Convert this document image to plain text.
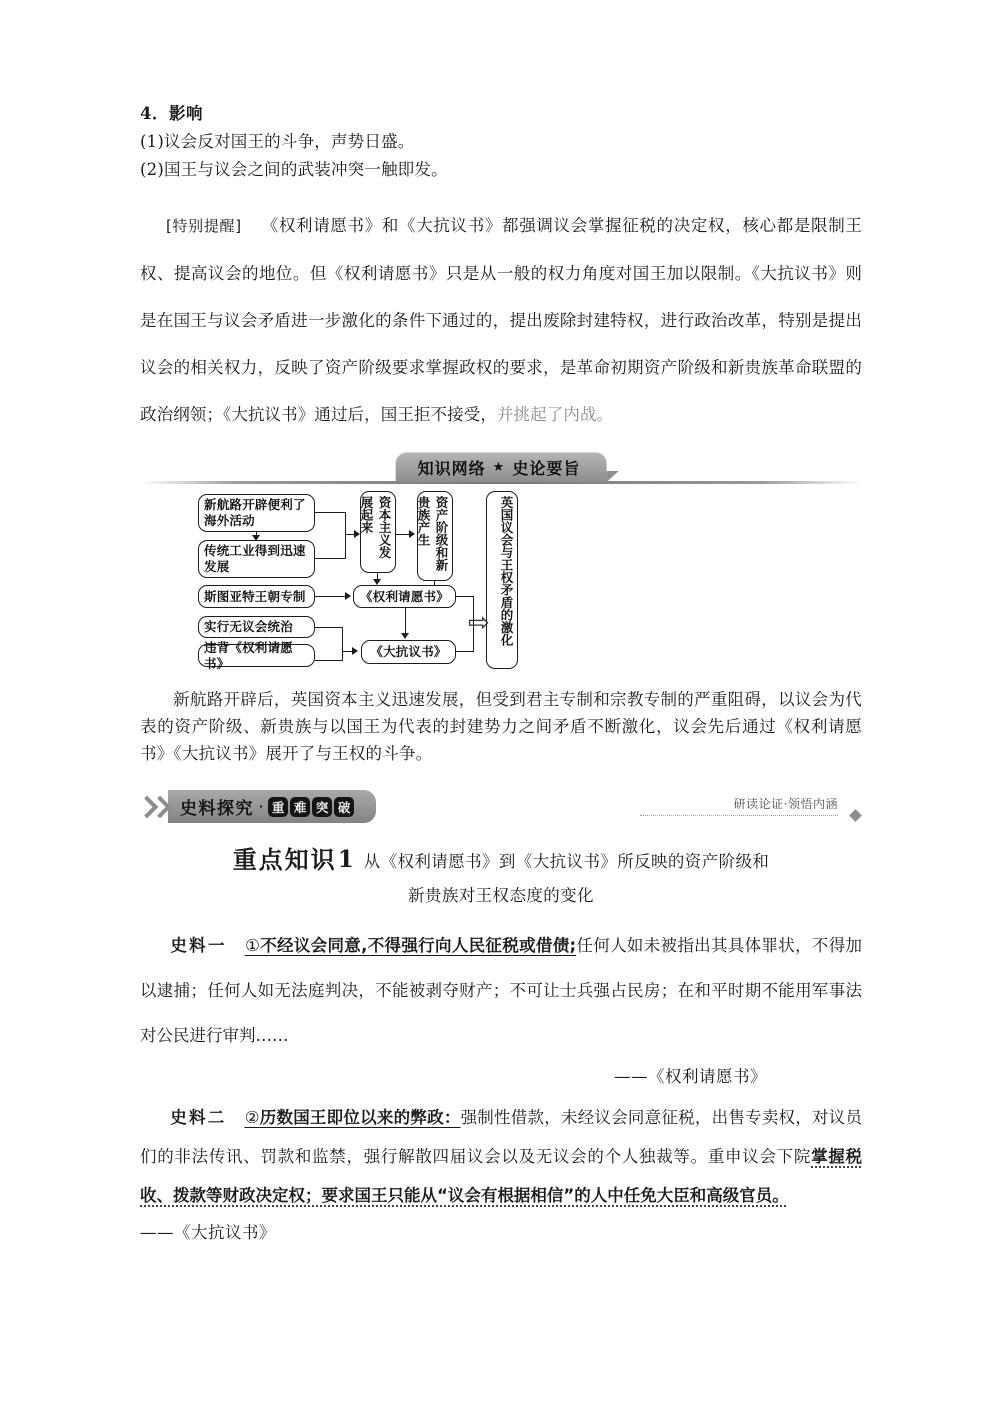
4．影响
(1)议会反对国王的斗争，声势日盛。
(2)国王与议会之间的武装冲突一触即发。
[特别提醒] 《权利请愿书》和《大抗议书》都强调议会掌握征税的决定权，核心都是限制王权、提高议会的地位。但《权利请愿书》只是从一般的权力角度对国王加以限制。《大抗议书》则是在国王与议会矛盾进一步激化的条件下通过的，提出废除封建特权，进行政治改革，特别是提出议会的相关权力，反映了资产阶级要求掌握政权的要求，是革命初期资产阶级和新贵族革命联盟的政治纲领；《大抗议书》通过后，国王拒不接受，并挑起了内战。
知识网络 ★ 史论要旨
新航路开辟便利了海外活动
传统工业得到迅速发展
斯图亚特王朝专制
实行无议会统治
违背《权利请愿书》
资本主义发展起来	资产阶级和新贵族产生
《权利请愿书》
《大抗议书》
英国议会与王权矛盾的激化
⇨
新航路开辟后，英国资本主义迅速发展，但受到君主专制和宗教专制的严重阻碍，以议会为代表的资产阶级、新贵族与以国王为代表的封建势力之间矛盾不断激化，议会先后通过《权利请愿书》《大抗议书》展开了与王权的斗争。
史料探究 · 重 难 突 破	研读论证·领悟内涵
重点知识1 从《权利请愿书》到《大抗议书》所反映的资产阶级和
新贵族对王权态度的变化
史料一 ①不经议会同意,不得强行向人民征税或借债;任何人如未被指出其具体罪状，不得加以逮捕；任何人如无法庭判决，不能被剥夺财产；不可让士兵强占民房；在和平时期不能用军事法对公民进行审判……
——《权利请愿书》
史料二 ②历数国王即位以来的弊政：强制性借款，未经议会同意征税，出售专卖权，对议员们的非法传讯、罚款和监禁，强行解散四届议会以及无议会的个人独裁等。重申议会下院掌握税收、拨款等财政决定权；要求国王只能从“议会有根据相信”的人中任免大臣和高级官员。
——《大抗议书》
